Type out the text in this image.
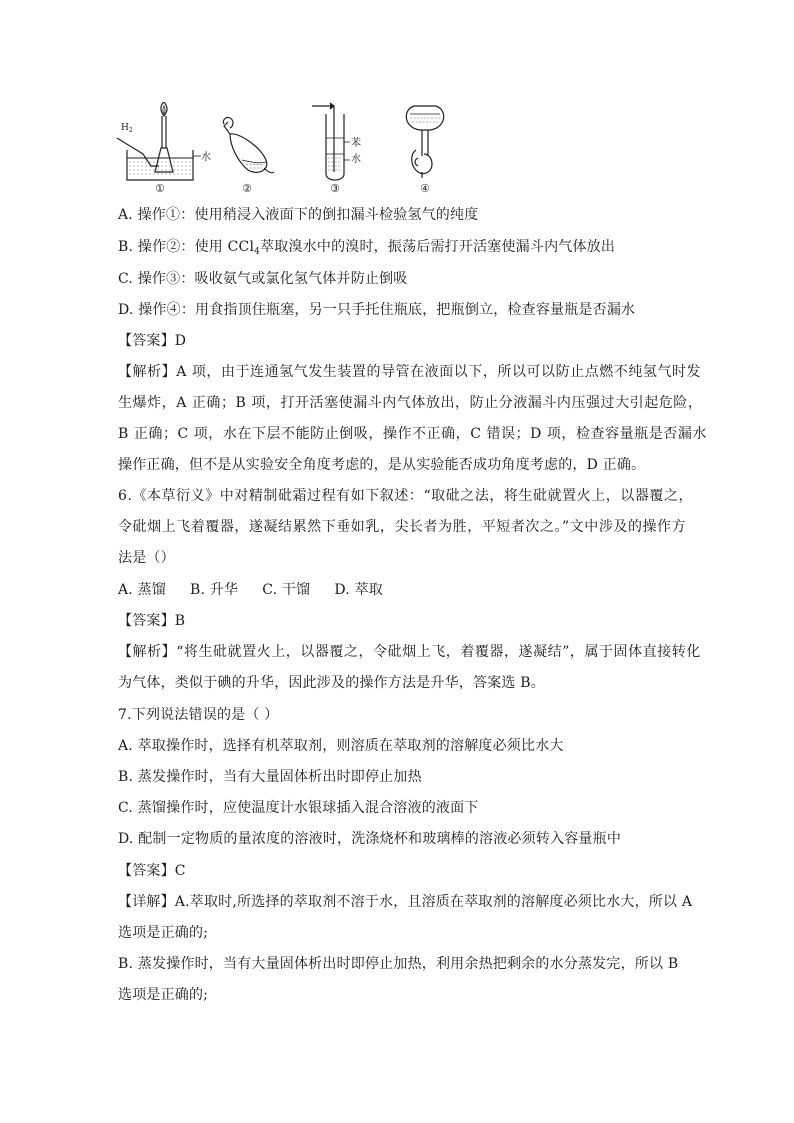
$H_2$
水
①	②
苯
水
③	④
A. 操作①：使用稍浸入液面下的倒扣漏斗检验氢气的纯度
B. 操作②：使用 CCl$_4$萃取溴水中的溴时，振荡后需打开活塞使漏斗内气体放出
C. 操作③：吸收氨气或氯化氢气体并防止倒吸
D. 操作④：用食指顶住瓶塞，另一只手托住瓶底，把瓶倒立，检查容量瓶是否漏水
【答案】D
【解析】A 项，由于连通氢气发生装置的导管在液面以下，所以可以防止点燃不纯氢气时发
生爆炸，A 正确；B 项，打开活塞使漏斗内气体放出，防止分液漏斗内压强过大引起危险，
B 正确；C 项，水在下层不能防止倒吸，操作不正确，C 错误；D 项，检查容量瓶是否漏水
操作正确，但不是从实验安全角度考虑的，是从实验能否成功角度考虑的，D 正确。
6.《本草衍义》中对精制砒霜过程有如下叙述：“取砒之法，将生砒就置火上，以器覆之，
令砒烟上飞着覆器，遂凝结累然下垂如乳，尖长者为胜，平短者次之。”文中涉及的操作方
法是（）
A. 蒸馏 B. 升华 C. 干馏 D. 萃取
【答案】B
【解析】“将生砒就置火上，以器覆之，令砒烟上飞，着覆器，遂凝结”，属于固体直接转化
为气体，类似于碘的升华，因此涉及的操作方法是升华，答案选 B。
7.下列说法错误的是（ ）
A. 萃取操作时，选择有机萃取剂，则溶质在萃取剂的溶解度必须比水大
B. 蒸发操作时，当有大量固体析出时即停止加热
C. 蒸馏操作时，应使温度计水银球插入混合溶液的液面下
D. 配制一定物质的量浓度的溶液时，洗涤烧杯和玻璃棒的溶液必须转入容量瓶中
【答案】C
【详解】A.萃取时,所选择的萃取剂不溶于水，且溶质在萃取剂的溶解度必须比水大，所以 A
选项是正确的;
B. 蒸发操作时，当有大量固体析出时即停止加热，利用余热把剩余的水分蒸发完，所以 B
选项是正确的;
